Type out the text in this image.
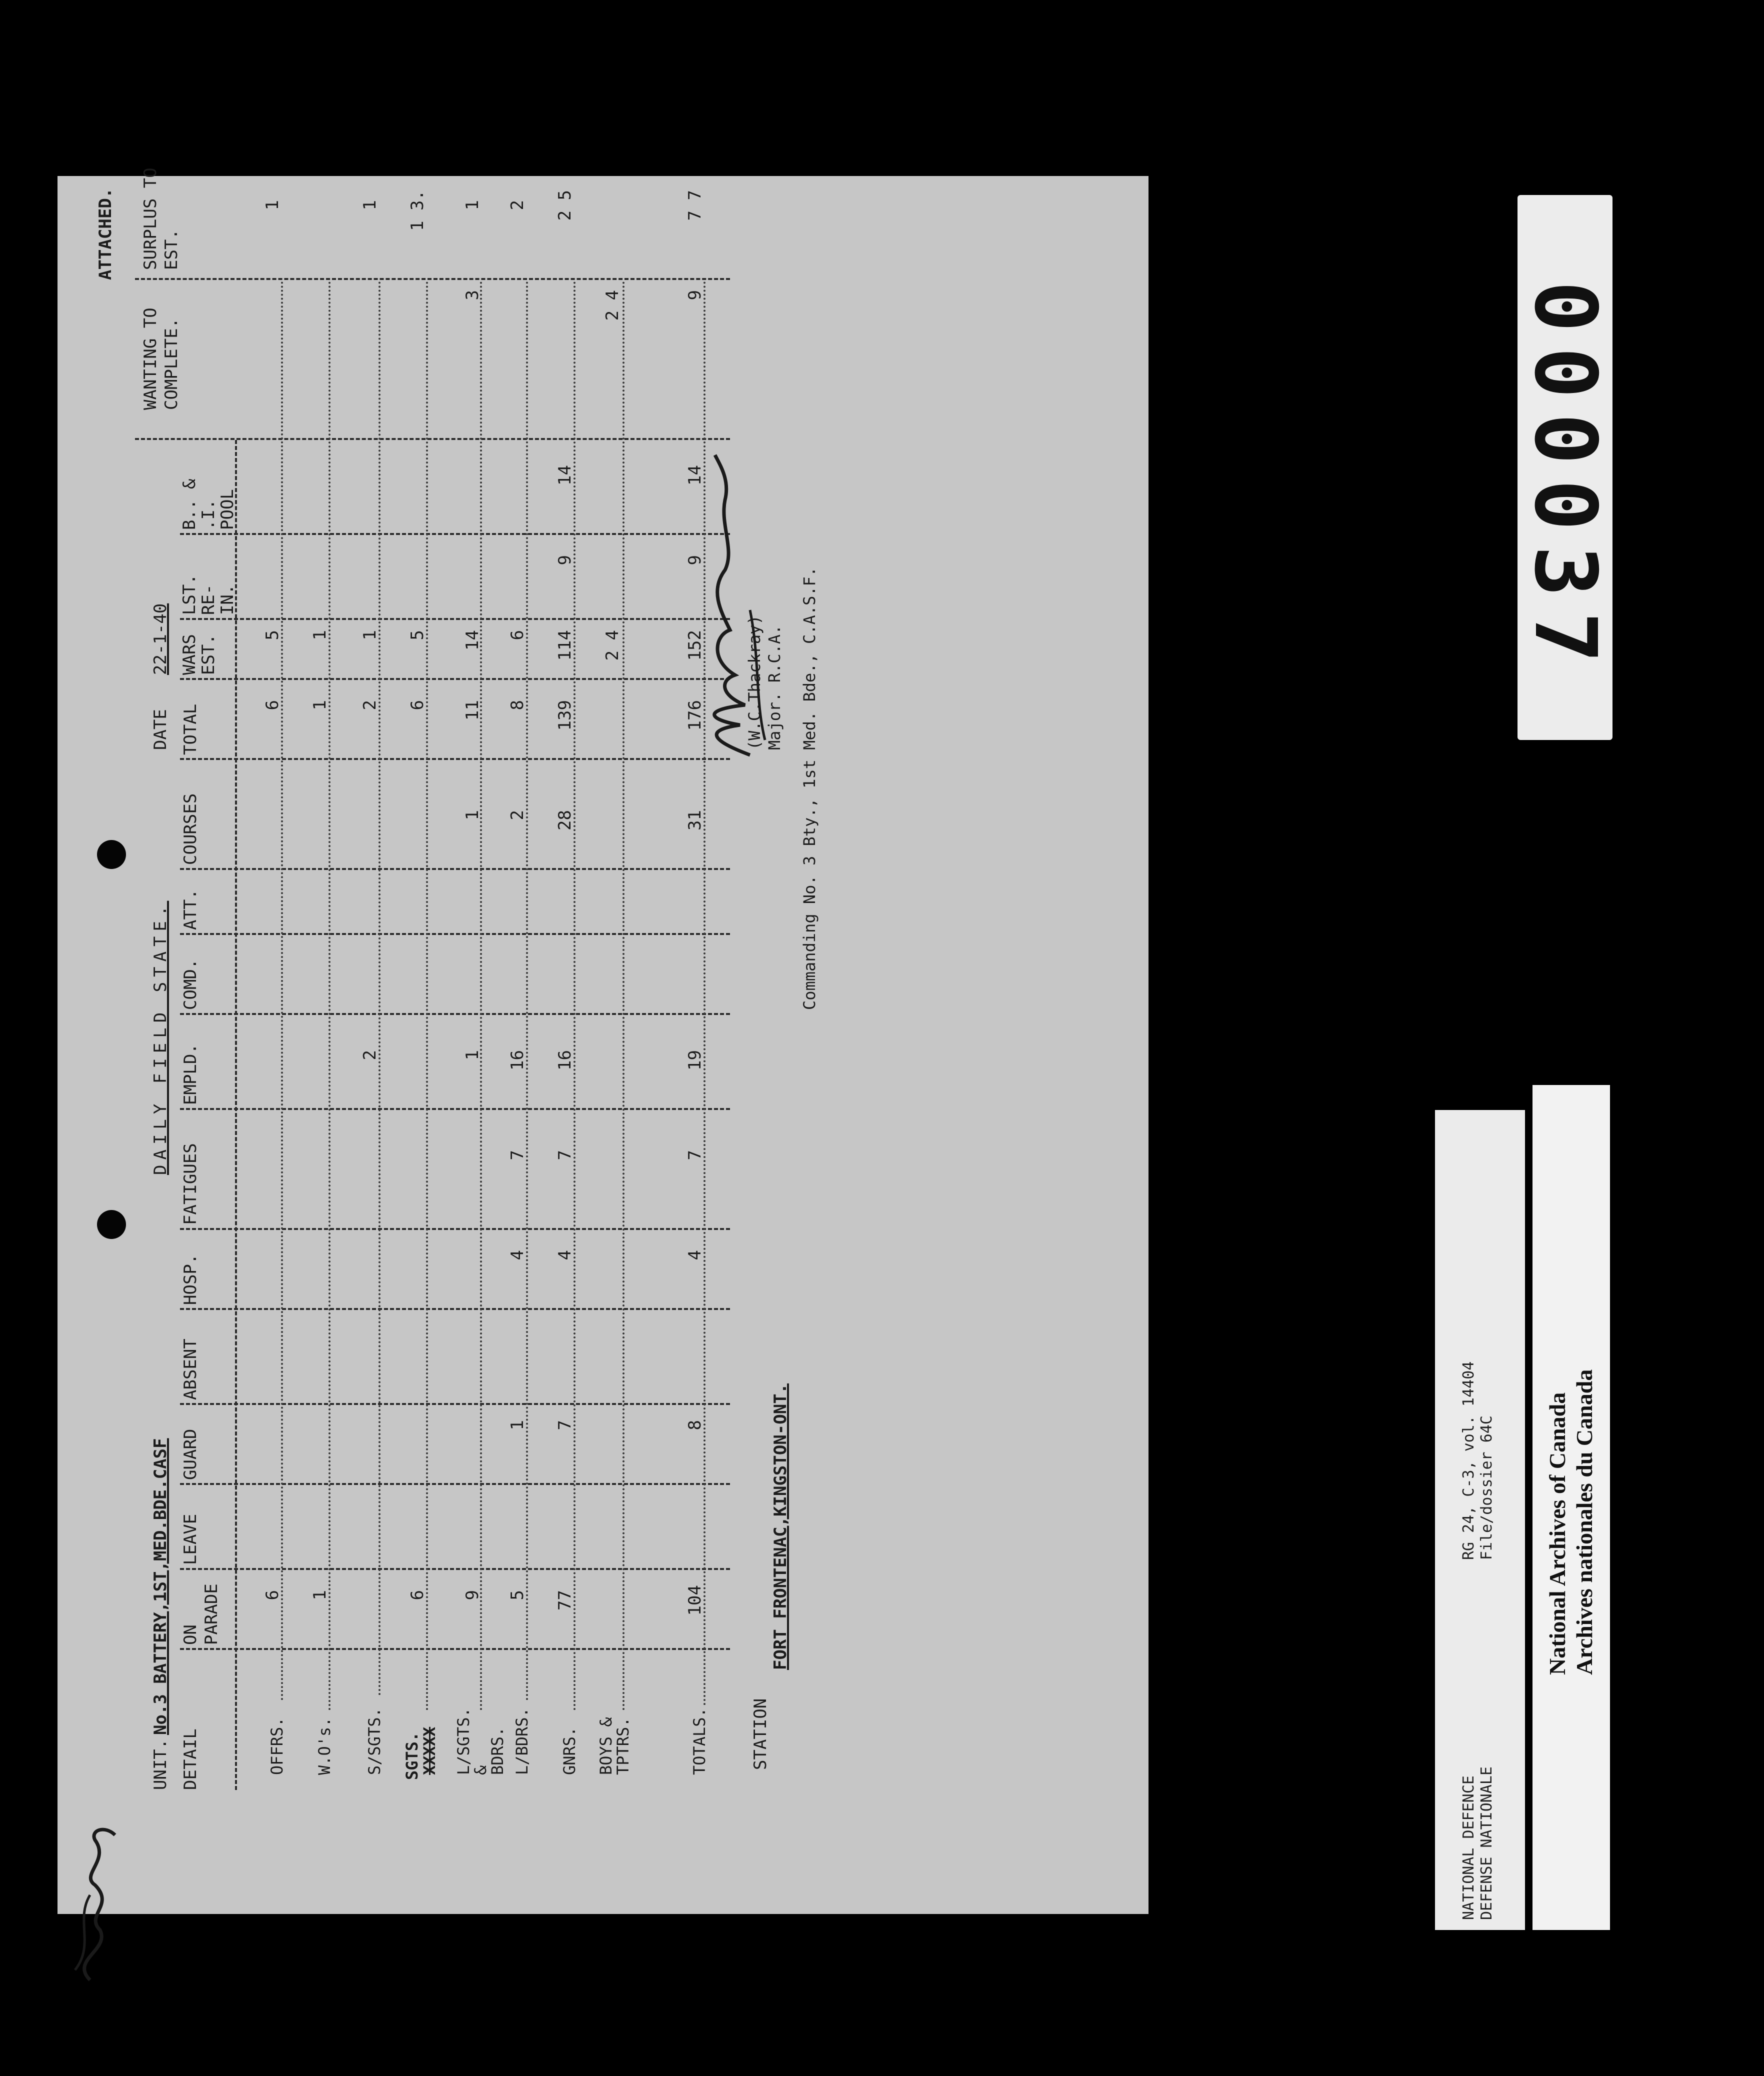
ATTACHED.
UNIT.
No.3 BATTERY,1ST,MED.BDE.CASF
DAILY FIELD STATE.
DATE
22-1-40
DETAIL
ON PARADE
LEAVE
GUARD
ABSENT
HOSP.
FATIGUES
EMPLD.
COMD.
ATT.
COURSES
TOTAL
WARS EST.
LST. RE-IN.
B.. & .I. POOL
WANTING TO COMPLETE.
SURPLUS TO EST.
OFFRS. W.O's. S/SGTS. SGTS.
XXXXX L/SGTS. & BDRS. L/BDRS. GNRS. BOYS & TPTRS.	TOTALS.
6
6
5
1
1
1
1
2
2
1
1
6
6
5
1 3.
9
1
1
11
14
3
1
5
1
4
7
16
2
8
6
2
77
7
4
7
16
28
139
114
9
14
2 5
2 4
2 4
104
8
4
7
19
31
176
152
9
14
9
7 7
STATION
FORT FRONTENAC,KINGSTON-ONT.
(W.C.Thackray) Major. R.C.A. Commanding No. 3 Bty., 1st Med. Bde., C.A.S.F.
000037
RG 24, C-3, vol. 14404 File/dossier 64C
NATIONAL DEFENCE DEFENSE NATIONALE
National Archives of Canada Archives nationales du Canada
